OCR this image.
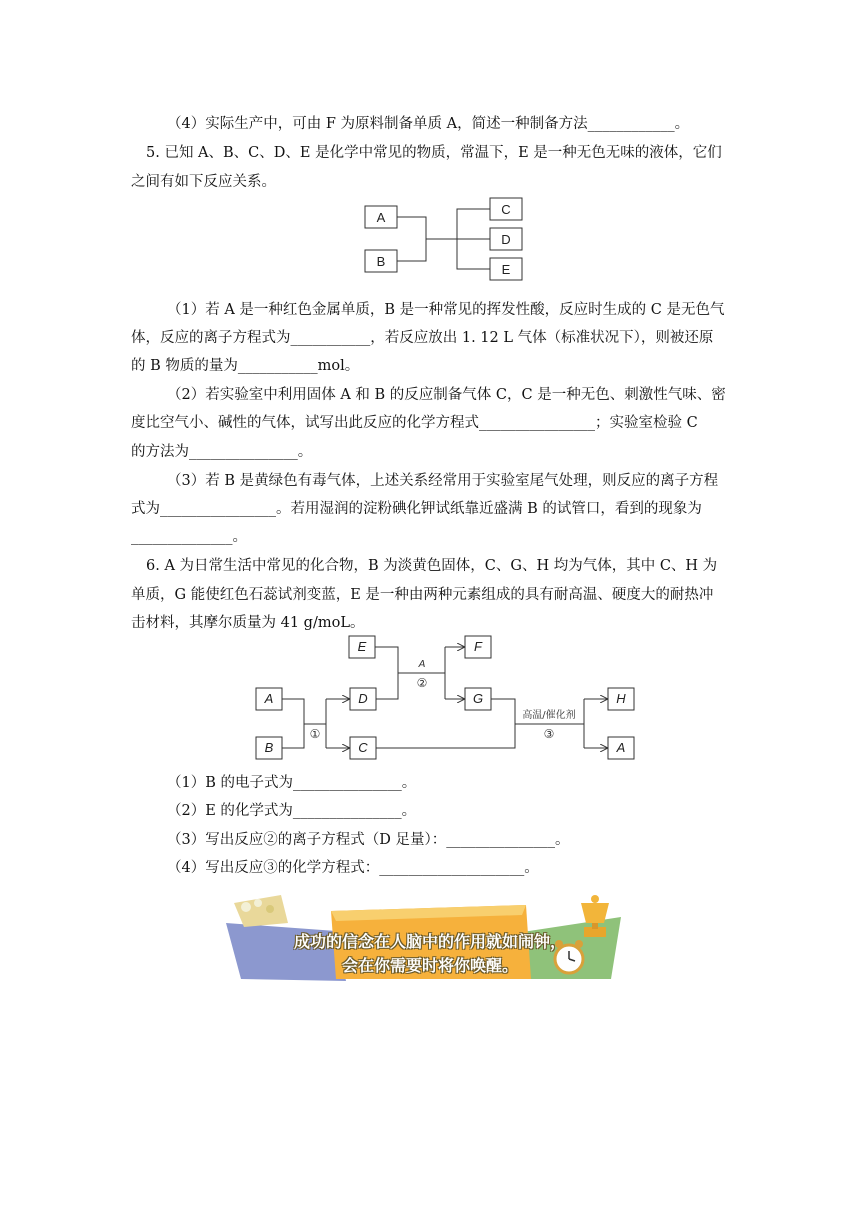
（4）实际生产中，可由 F 为原料制备单质 A，简述一种制备方法____________。
5. 已知 A、B、C、D、E 是化学中常见的物质，常温下，E 是一种无色无味的液体，它们
之间有如下反应关系。
A
B
C
D
E
（1）若 A 是一种红色金属单质，B 是一种常见的挥发性酸，反应时生成的 C 是无色气
体，反应的离子方程式为___________，若反应放出 1. 12 L 气体（标准状况下），则被还原
的 B 物质的量为___________mol。
（2）若实验室中利用固体 A 和 B 的反应制备气体 C，C 是一种无色、刺激性气味、密
度比空气小、碱性的气体，试写出此反应的化学方程式________________；实验室检验 C
的方法为_______________。
（3）若 B 是黄绿色有毒气体，上述关系经常用于实验室尾气处理，则反应的离子方程
式为________________。若用湿润的淀粉碘化钾试纸靠近盛满 B 的试管口，看到的现象为
______________。
6. A 为日常生活中常见的化合物，B 为淡黄色固体，C、G、H 均为气体，其中 C、H 为
单质，G 能使红色石蕊试剂变蓝，E 是一种由两种元素组成的具有耐高温、硬度大的耐热冲
击材料，其摩尔质量为 41 g/moL。
E	F
A	D	G	H
B	C	A
A
②
①
高温/催化剂
③
（1）B 的电子式为_______________。
（2）E 的化学式为_______________。
（3）写出反应②的离子方程式（D 足量）：_______________。
（4）写出反应③的化学方程式：____________________。
成功的信念在人脑中的作用就如闹钟，
会在你需要时将你唤醒。
